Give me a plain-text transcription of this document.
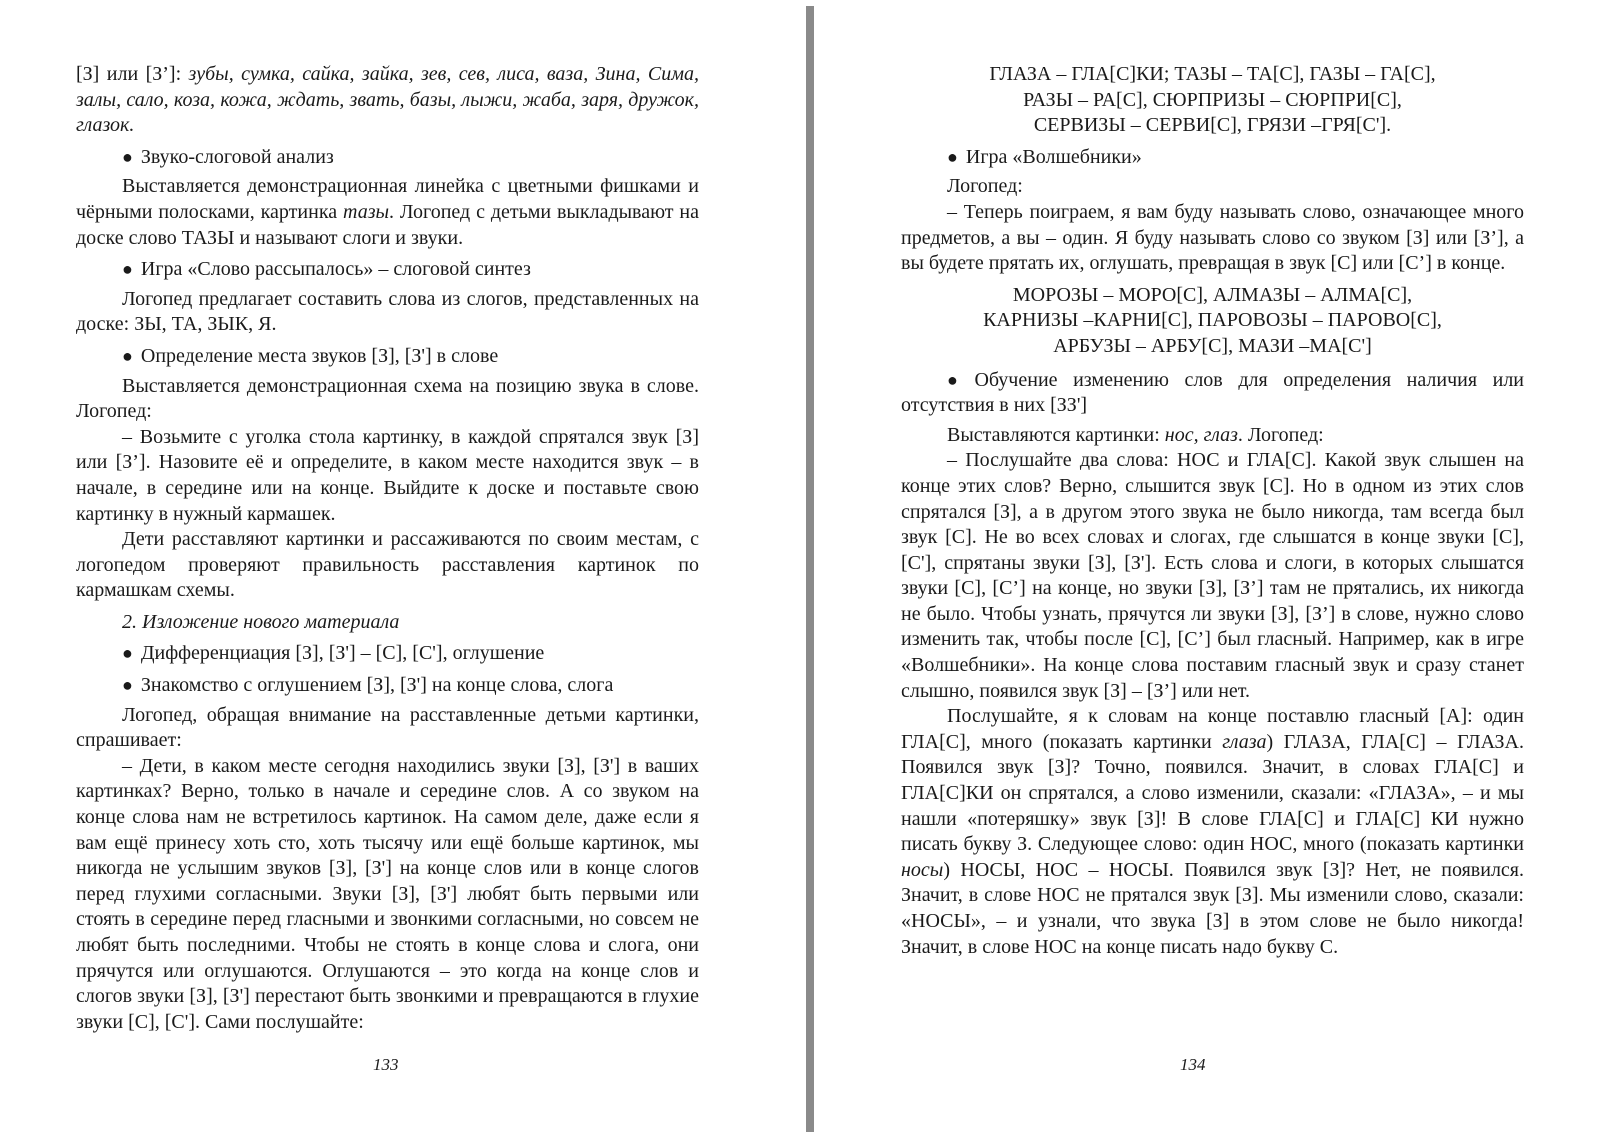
[З] или [З’]: зубы, сумка, сайка, зайка, зев, сев, лиса, ваза, Зина, Сима, залы, сало, коза, кожа, ждать, звать, базы, лыжи, жаба, заря, дружок, глазок.

● Звуко-слоговой анализ

Выставляется демонстрационная линейка с цветными фишками и чёрными полосками, картинка тазы. Логопед с детьми выкладывают на доске слово ТАЗЫ и называют слоги и звуки.

● Игра «Слово рассыпалось» – слоговой синтез

Логопед предлагает составить слова из слогов, представленных на доске: ЗЫ, ТА, ЗЫК, Я.

● Определение места звуков [З], [З'] в слове

Выставляется демонстрационная схема на позицию звука в слове. Логопед:

– Возьмите с уголка стола картинку, в каждой спрятался звук [З] или [З’]. Назовите её и определите, в каком месте находится звук – в начале, в середине или на конце. Выйдите к доске и поставьте свою картинку в нужный кармашек.

Дети расставляют картинки и рассаживаются по своим местам, с логопедом проверяют правильность расставления картинок по кармашкам схемы.

2. Изложение нового материала

● Дифференциация [З], [З'] – [С], [С'], оглушение

● Знакомство с оглушением [З], [З'] на конце слова, слога

Логопед, обращая внимание на расставленные детьми картинки, спрашивает:

– Дети, в каком месте сегодня находились звуки [З], [З'] в ваших картинках? Верно, только в начале и середине слов. А со звуком на конце слова нам не встретилось картинок. На самом деле, даже если я вам ещё принесу хоть сто, хоть тысячу или ещё больше картинок, мы никогда не услышим звуков [З], [З'] на конце слов или в конце слогов перед глухими согласными. Звуки [З], [З'] любят быть первыми или стоять в середине перед гласными и звонкими согласными, но совсем не любят быть последними. Чтобы не стоять в конце слова и слога, они прячутся или оглушаются. Оглушаются – это когда на конце слов и слогов звуки [З], [З'] перестают быть звонкими и превращаются в глухие звуки [С], [С']. Сами послушайте:

133

ГЛАЗА – ГЛА[С]КИ; ТАЗЫ – ТА[С], ГАЗЫ – ГА[С],

РАЗЫ – РА[С], СЮРПРИЗЫ – СЮРПРИ[С],

СЕРВИЗЫ – СЕРВИ[С], ГРЯЗИ –ГРЯ[С'].

● Игра «Волшебники»

Логопед:

– Теперь поиграем, я вам буду называть слово, означающее много предметов, а вы – один. Я буду называть слово со звуком [З] или [З’], а вы будете прятать их, оглушать, превращая в звук [С] или [С’] в конце.

МОРОЗЫ – МОРО[С], АЛМАЗЫ – АЛМА[С],

КАРНИЗЫ –КАРНИ[С], ПАРОВОЗЫ – ПАРОВО[С],

АРБУЗЫ – АРБУ[С], МАЗИ –МА[С']

● Обучение изменению слов для определения наличия или отсутствия в них [ЗЗ']

Выставляются картинки: нос, глаз. Логопед:

– Послушайте два слова: НОС и ГЛА[С]. Какой звук слышен на конце этих слов? Верно, слышится звук [С]. Но в одном из этих слов спрятался [З], а в другом этого звука не было никогда, там всегда был звук [С]. Не во всех словах и слогах, где слышатся в конце звуки [С], [С'], спрятаны звуки [З], [З']. Есть слова и слоги, в которых слышатся звуки [С], [С’] на конце, но звуки [З], [З’] там не прятались, их никогда не было. Чтобы узнать, прячутся ли звуки [З], [З’] в слове, нужно слово изменить так, чтобы после [С], [С’] был гласный. Например, как в игре «Волшебники». На конце слова поставим гласный звук и сразу станет слышно, появился звук [З] – [З’] или нет.

Послушайте, я к словам на конце поставлю гласный [А]: один ГЛА[С], много (показать картинки глаза) ГЛАЗА, ГЛА[С] – ГЛАЗА. Появился звук [З]? Точно, появился. Значит, в словах ГЛА[С] и ГЛА[С]КИ он спрятался, а слово изменили, сказали: «ГЛАЗА», – и мы нашли «потеряшку» звук [З]! В слове ГЛА[С] и ГЛА[С] КИ нужно писать букву З. Следующее слово: один НОС, много (показать картинки носы) НОСЫ, НОС – НОСЫ. Появился звук [З]? Нет, не появился. Значит, в слове НОС не прятался звук [З]. Мы изменили слово, сказали: «НОСЫ», – и узнали, что звука [З] в этом слове не было никогда! Значит, в слове НОС на конце писать надо букву С.

134
